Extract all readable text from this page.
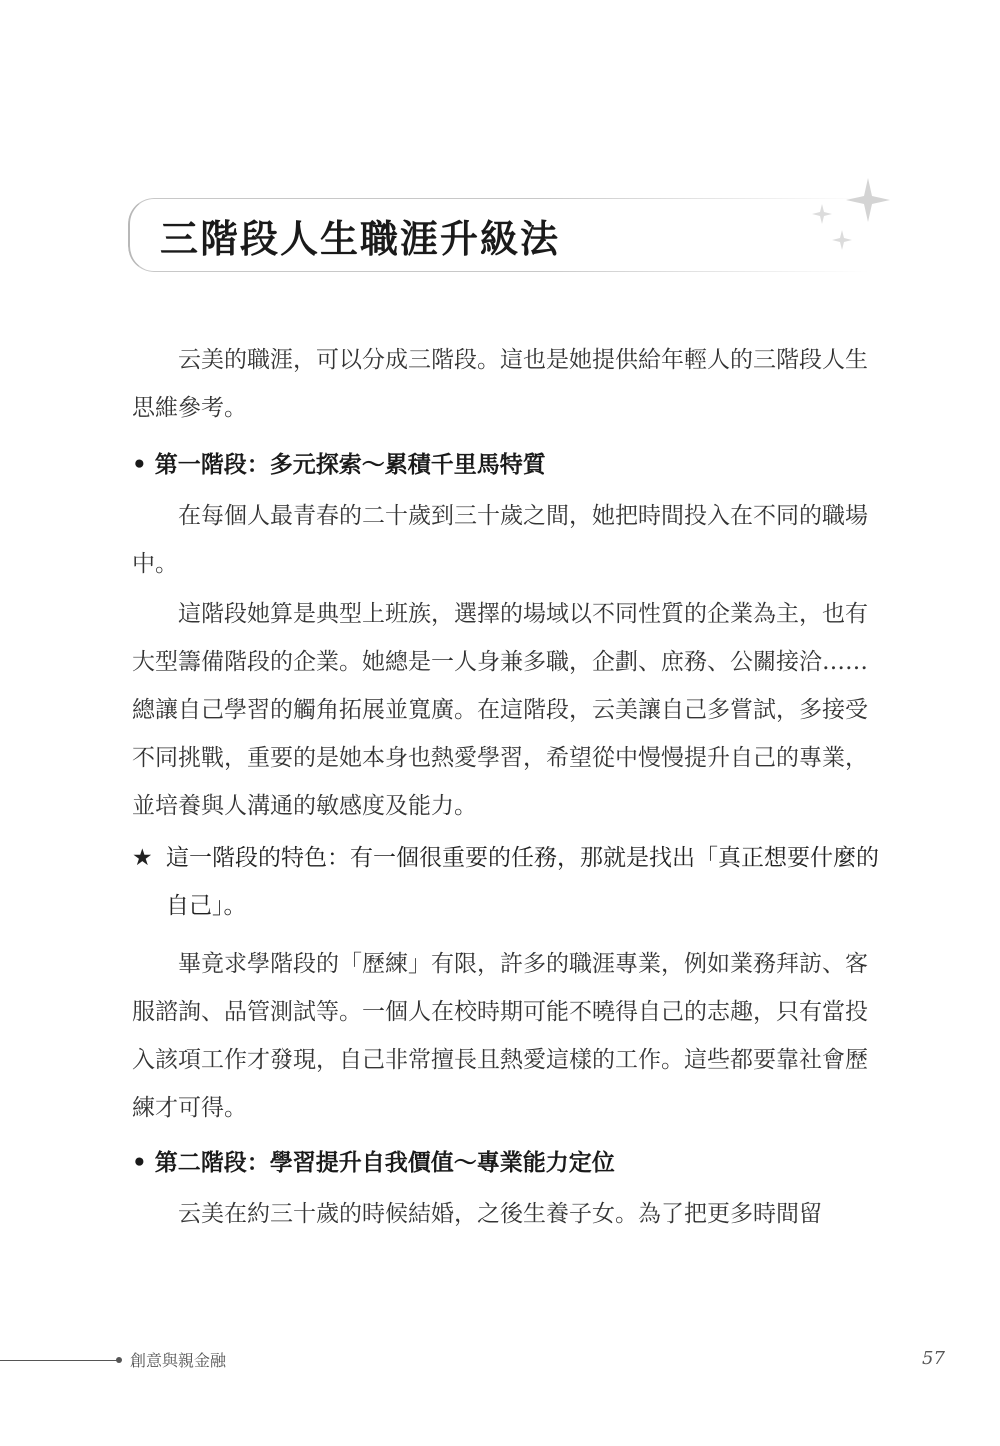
三階段人生職涯升級法

云美的職涯，可以分成三階段。這也是她提供給年輕人的三階段人生思維參考。

• 第一階段：多元探索～累積千里馬特質

在每個人最青春的二十歲到三十歲之間，她把時間投入在不同的職場中。

這階段她算是典型上班族，選擇的場域以不同性質的企業為主，也有大型籌備階段的企業。她總是一人身兼多職，企劃、庶務、公關接洽……總讓自己學習的觸角拓展並寬廣。在這階段，云美讓自己多嘗試，多接受不同挑戰，重要的是她本身也熱愛學習，希望從中慢慢提升自己的專業，並培養與人溝通的敏感度及能力。

★ 這一階段的特色：有一個很重要的任務，那就是找出「真正想要什麼的自己」。

畢竟求學階段的「歷練」有限，許多的職涯專業，例如業務拜訪、客服諮詢、品管測試等。一個人在校時期可能不曉得自己的志趣，只有當投入該項工作才發現，自己非常擅長且熱愛這樣的工作。這些都要靠社會歷練才可得。

• 第二階段：學習提升自我價值～專業能力定位

云美在約三十歲的時候結婚，之後生養子女。為了把更多時間留

創意與親金融	57
